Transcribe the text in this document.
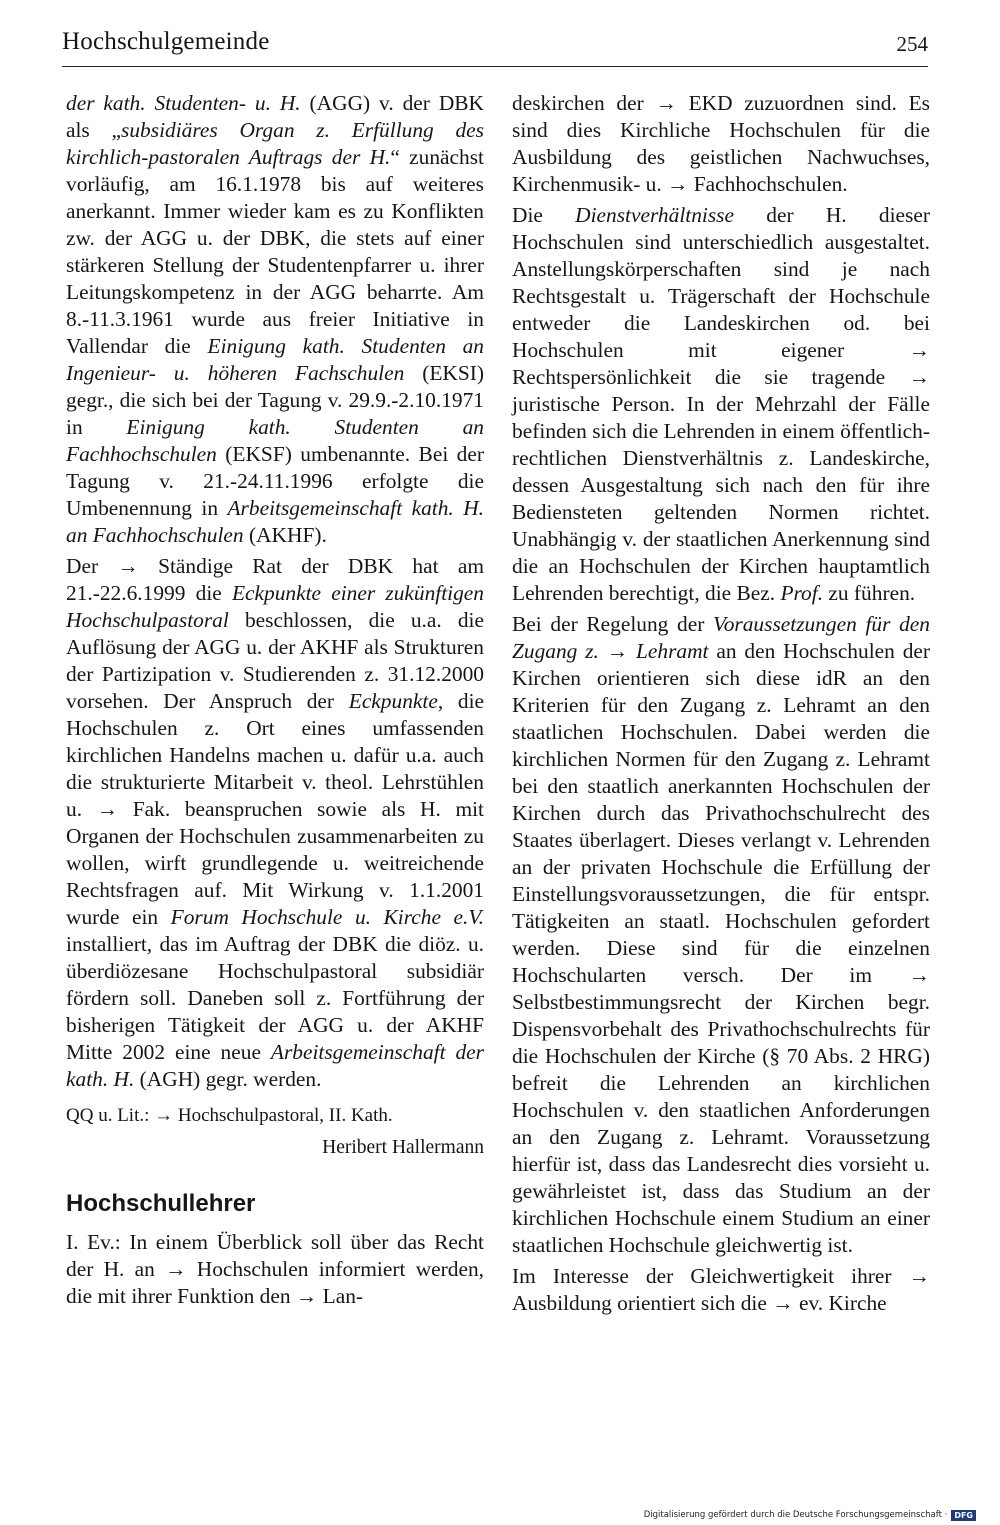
Hochschulgemeinde	254

der kath. Studenten- u. H. (AGG) v. der DBK als „subsidiäres Organ z. Erfüllung des kirchlich-pastoralen Auftrags der H.“ zunächst vorläufig, am 16.1.1978 bis auf weiteres anerkannt. Immer wieder kam es zu Konflikten zw. der AGG u. der DBK, die stets auf einer stärkeren Stellung der Studentenpfarrer u. ihrer Leitungskompetenz in der AGG beharrte. Am 8.-11.3.1961 wurde aus freier Initiative in Vallendar die Einigung kath. Studenten an Ingenieur- u. höheren Fachschulen (EKSI) gegr., die sich bei der Tagung v. 29.9.-2.10.1971 in Einigung kath. Studenten an Fachhochschulen (EKSF) umbenannte. Bei der Tagung v. 21.-24.11.1996 erfolgte die Umbenennung in Arbeitsgemeinschaft kath. H. an Fachhochschulen (AKHF).

Der → Ständige Rat der DBK hat am 21.-22.6.1999 die Eckpunkte einer zukünftigen Hochschulpastoral beschlossen, die u.a. die Auflösung der AGG u. der AKHF als Strukturen der Partizipation v. Studierenden z. 31.12.2000 vorsehen. Der Anspruch der Eckpunkte, die Hochschulen z. Ort eines umfassenden kirchlichen Handelns machen u. dafür u.a. auch die strukturierte Mitarbeit v. theol. Lehrstühlen u. → Fak. beanspruchen sowie als H. mit Organen der Hochschulen zusammenarbeiten zu wollen, wirft grundlegende u. weitreichende Rechtsfragen auf. Mit Wirkung v. 1.1.2001 wurde ein Forum Hochschule u. Kirche e.V. installiert, das im Auftrag der DBK die diöz. u. überdiözesane Hochschulpastoral subsidiär fördern soll. Daneben soll z. Fortführung der bisherigen Tätigkeit der AGG u. der AKHF Mitte 2002 eine neue Arbeitsgemeinschaft der kath. H. (AGH) gegr. werden.

QQ u. Lit.: → Hochschulpastoral, II. Kath.

Heribert Hallermann

Hochschullehrer

I. Ev.: In einem Überblick soll über das Recht der H. an → Hochschulen informiert werden, die mit ihrer Funktion den → Lan-

deskirchen der → EKD zuzuordnen sind. Es sind dies Kirchliche Hochschulen für die Ausbildung des geistlichen Nachwuchses, Kirchenmusik- u. → Fachhochschulen.

Die Dienstverhältnisse der H. dieser Hochschulen sind unterschiedlich ausgestaltet. Anstellungskörperschaften sind je nach Rechtsgestalt u. Trägerschaft der Hochschule entweder die Landeskirchen od. bei Hochschulen mit eigener → Rechtspersönlichkeit die sie tragende → juristische Person. In der Mehrzahl der Fälle befinden sich die Lehrenden in einem öffentlich-rechtlichen Dienstverhältnis z. Landeskirche, dessen Ausgestaltung sich nach den für ihre Bediensteten geltenden Normen richtet. Unabhängig v. der staatlichen Anerkennung sind die an Hochschulen der Kirchen hauptamtlich Lehrenden berechtigt, die Bez. Prof. zu führen.

Bei der Regelung der Voraussetzungen für den Zugang z. → Lehramt an den Hochschulen der Kirchen orientieren sich diese idR an den Kriterien für den Zugang z. Lehramt an den staatlichen Hochschulen. Dabei werden die kirchlichen Normen für den Zugang z. Lehramt bei den staatlich anerkannten Hochschulen der Kirchen durch das Privathochschulrecht des Staates überlagert. Dieses verlangt v. Lehrenden an der privaten Hochschule die Erfüllung der Einstellungsvoraussetzungen, die für entspr. Tätigkeiten an staatl. Hochschulen gefordert werden. Diese sind für die einzelnen Hochschularten versch. Der im → Selbstbestimmungsrecht der Kirchen begr. Dispensvorbehalt des Privathochschulrechts für die Hochschulen der Kirche (§ 70 Abs. 2 HRG) befreit die Lehrenden an kirchlichen Hochschulen v. den staatlichen Anforderungen an den Zugang z. Lehramt. Voraussetzung hierfür ist, dass das Landesrecht dies vorsieht u. gewährleistet ist, dass das Studium an der kirchlichen Hochschule einem Studium an einer staatlichen Hochschule gleichwertig ist.

Im Interesse der Gleichwertigkeit ihrer → Ausbildung orientiert sich die → ev. Kirche

Digitalisierung gefördert durch die Deutsche Forschungsgemeinschaft · DFG
